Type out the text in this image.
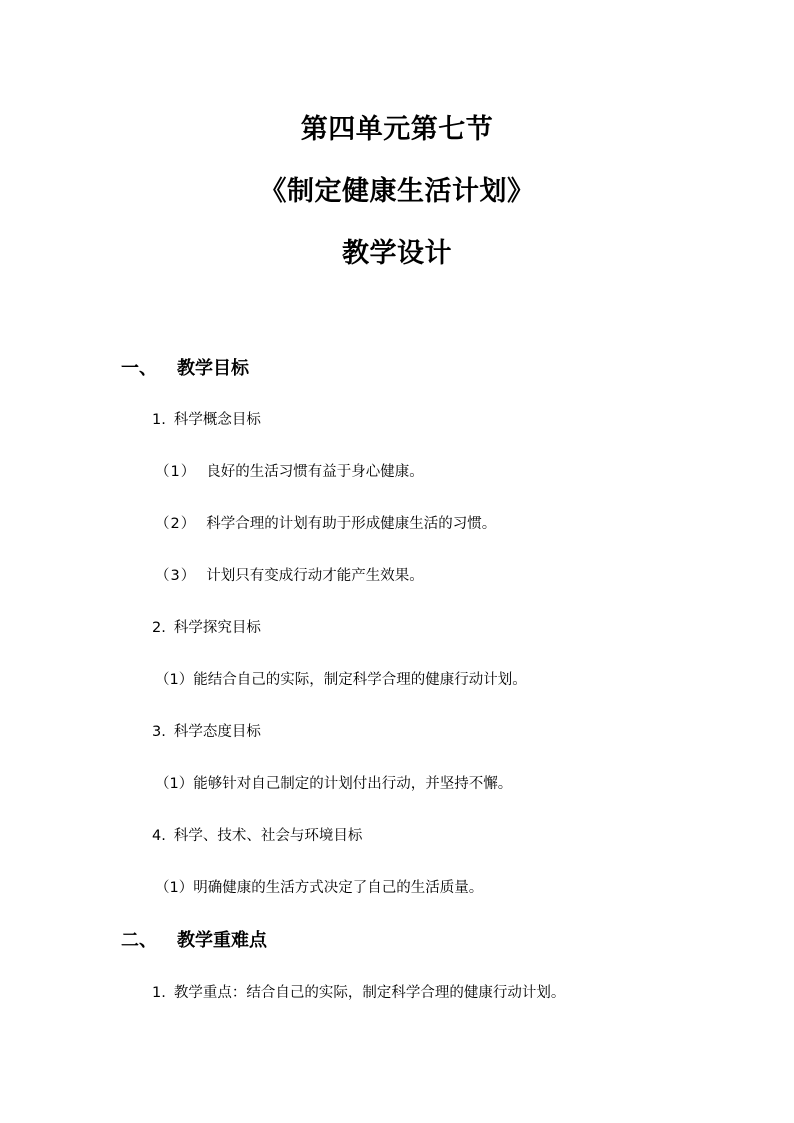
第四单元第七节
《制定健康生活计划》
教学设计
一、 教学目标
1. 科学概念目标
（1） 良好的生活习惯有益于身心健康。
（2） 科学合理的计划有助于形成健康生活的习惯。
（3） 计划只有变成行动才能产生效果。
2. 科学探究目标
（1）能结合自己的实际，制定科学合理的健康行动计划。
3. 科学态度目标
（1）能够针对自己制定的计划付出行动，并坚持不懈。
4. 科学、技术、社会与环境目标
（1）明确健康的生活方式决定了自己的生活质量。
二、 教学重难点
1. 教学重点：结合自己的实际，制定科学合理的健康行动计划。
